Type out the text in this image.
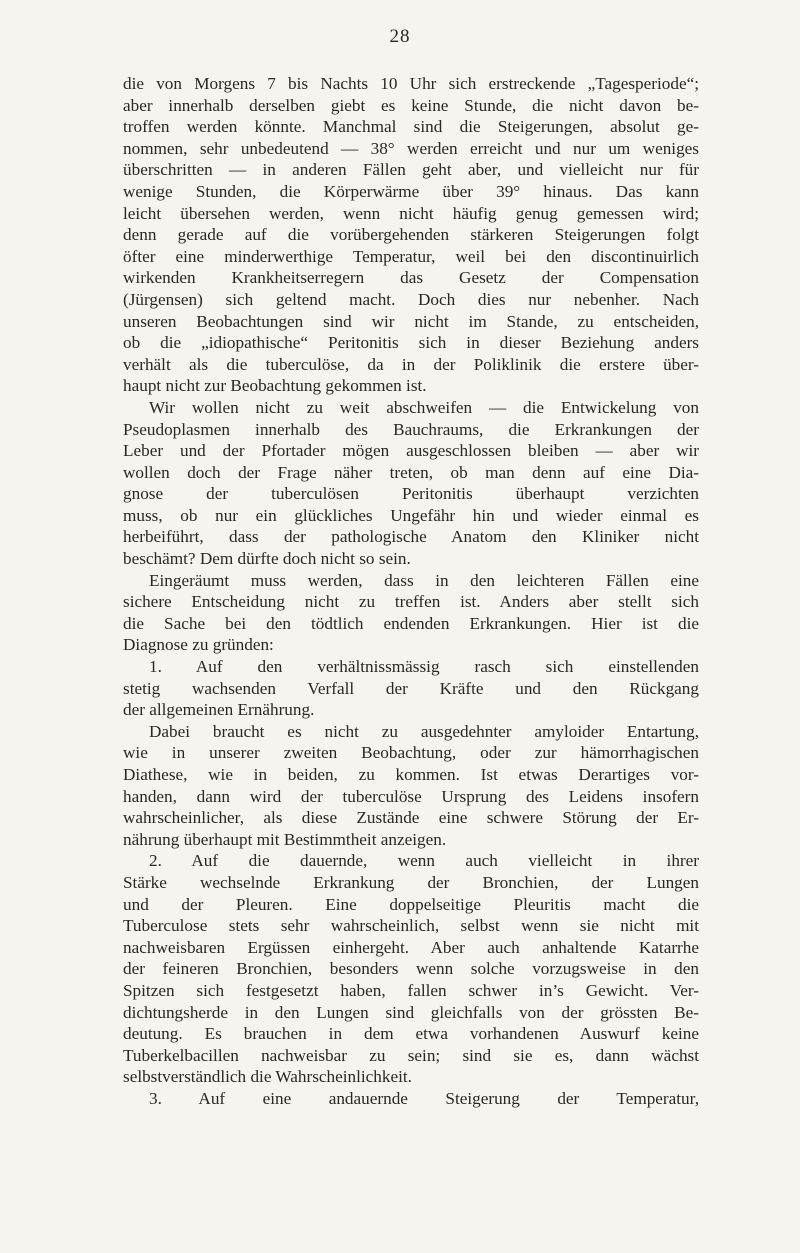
28
die von Morgens 7 bis Nachts 10 Uhr sich erstreckende „Tagesperiode“;
aber innerhalb derselben giebt es keine Stunde, die nicht davon be-
troffen werden könnte. Manchmal sind die Steigerungen, absolut ge-
nommen, sehr unbedeutend — 38° werden erreicht und nur um weniges
überschritten — in anderen Fällen geht aber, und vielleicht nur für
wenige Stunden, die Körperwärme über 39° hinaus. Das kann
leicht übersehen werden, wenn nicht häufig genug gemessen wird;
denn gerade auf die vorübergehenden stärkeren Steigerungen folgt
öfter eine minderwerthige Temperatur, weil bei den discontinuirlich
wirkenden Krankheitserregern das Gesetz der Compensation
(Jürgensen) sich geltend macht. Doch dies nur nebenher. Nach
unseren Beobachtungen sind wir nicht im Stande, zu entscheiden,
ob die „idiopathische“ Peritonitis sich in dieser Beziehung anders
verhält als die tuberculöse, da in der Poliklinik die erstere über-
haupt nicht zur Beobachtung gekommen ist.
Wir wollen nicht zu weit abschweifen — die Entwickelung von
Pseudoplasmen innerhalb des Bauchraums, die Erkrankungen der
Leber und der Pfortader mögen ausgeschlossen bleiben — aber wir
wollen doch der Frage näher treten, ob man denn auf eine Dia-
gnose der tuberculösen Peritonitis überhaupt verzichten
muss, ob nur ein glückliches Ungefähr hin und wieder einmal es
herbeiführt, dass der pathologische Anatom den Kliniker nicht
beschämt? Dem dürfte doch nicht so sein.
Eingeräumt muss werden, dass in den leichteren Fällen eine
sichere Entscheidung nicht zu treffen ist. Anders aber stellt sich
die Sache bei den tödtlich endenden Erkrankungen. Hier ist die
Diagnose zu gründen:
1. Auf den verhältnissmässig rasch sich einstellenden
stetig wachsenden Verfall der Kräfte und den Rückgang
der allgemeinen Ernährung.
Dabei braucht es nicht zu ausgedehnter amyloider Entartung,
wie in unserer zweiten Beobachtung, oder zur hämorrhagischen
Diathese, wie in beiden, zu kommen. Ist etwas Derartiges vor-
handen, dann wird der tuberculöse Ursprung des Leidens insofern
wahrscheinlicher, als diese Zustände eine schwere Störung der Er-
nährung überhaupt mit Bestimmtheit anzeigen.
2. Auf die dauernde, wenn auch vielleicht in ihrer
Stärke wechselnde Erkrankung der Bronchien, der Lungen
und der Pleuren. Eine doppelseitige Pleuritis macht die
Tuberculose stets sehr wahrscheinlich, selbst wenn sie nicht mit
nachweisbaren Ergüssen einhergeht. Aber auch anhaltende Katarrhe
der feineren Bronchien, besonders wenn solche vorzugsweise in den
Spitzen sich festgesetzt haben, fallen schwer in’s Gewicht. Ver-
dichtungsherde in den Lungen sind gleichfalls von der grössten Be-
deutung. Es brauchen in dem etwa vorhandenen Auswurf keine
Tuberkelbacillen nachweisbar zu sein; sind sie es, dann wächst
selbstverständlich die Wahrscheinlichkeit.
3. Auf eine andauernde Steigerung der Temperatur,
